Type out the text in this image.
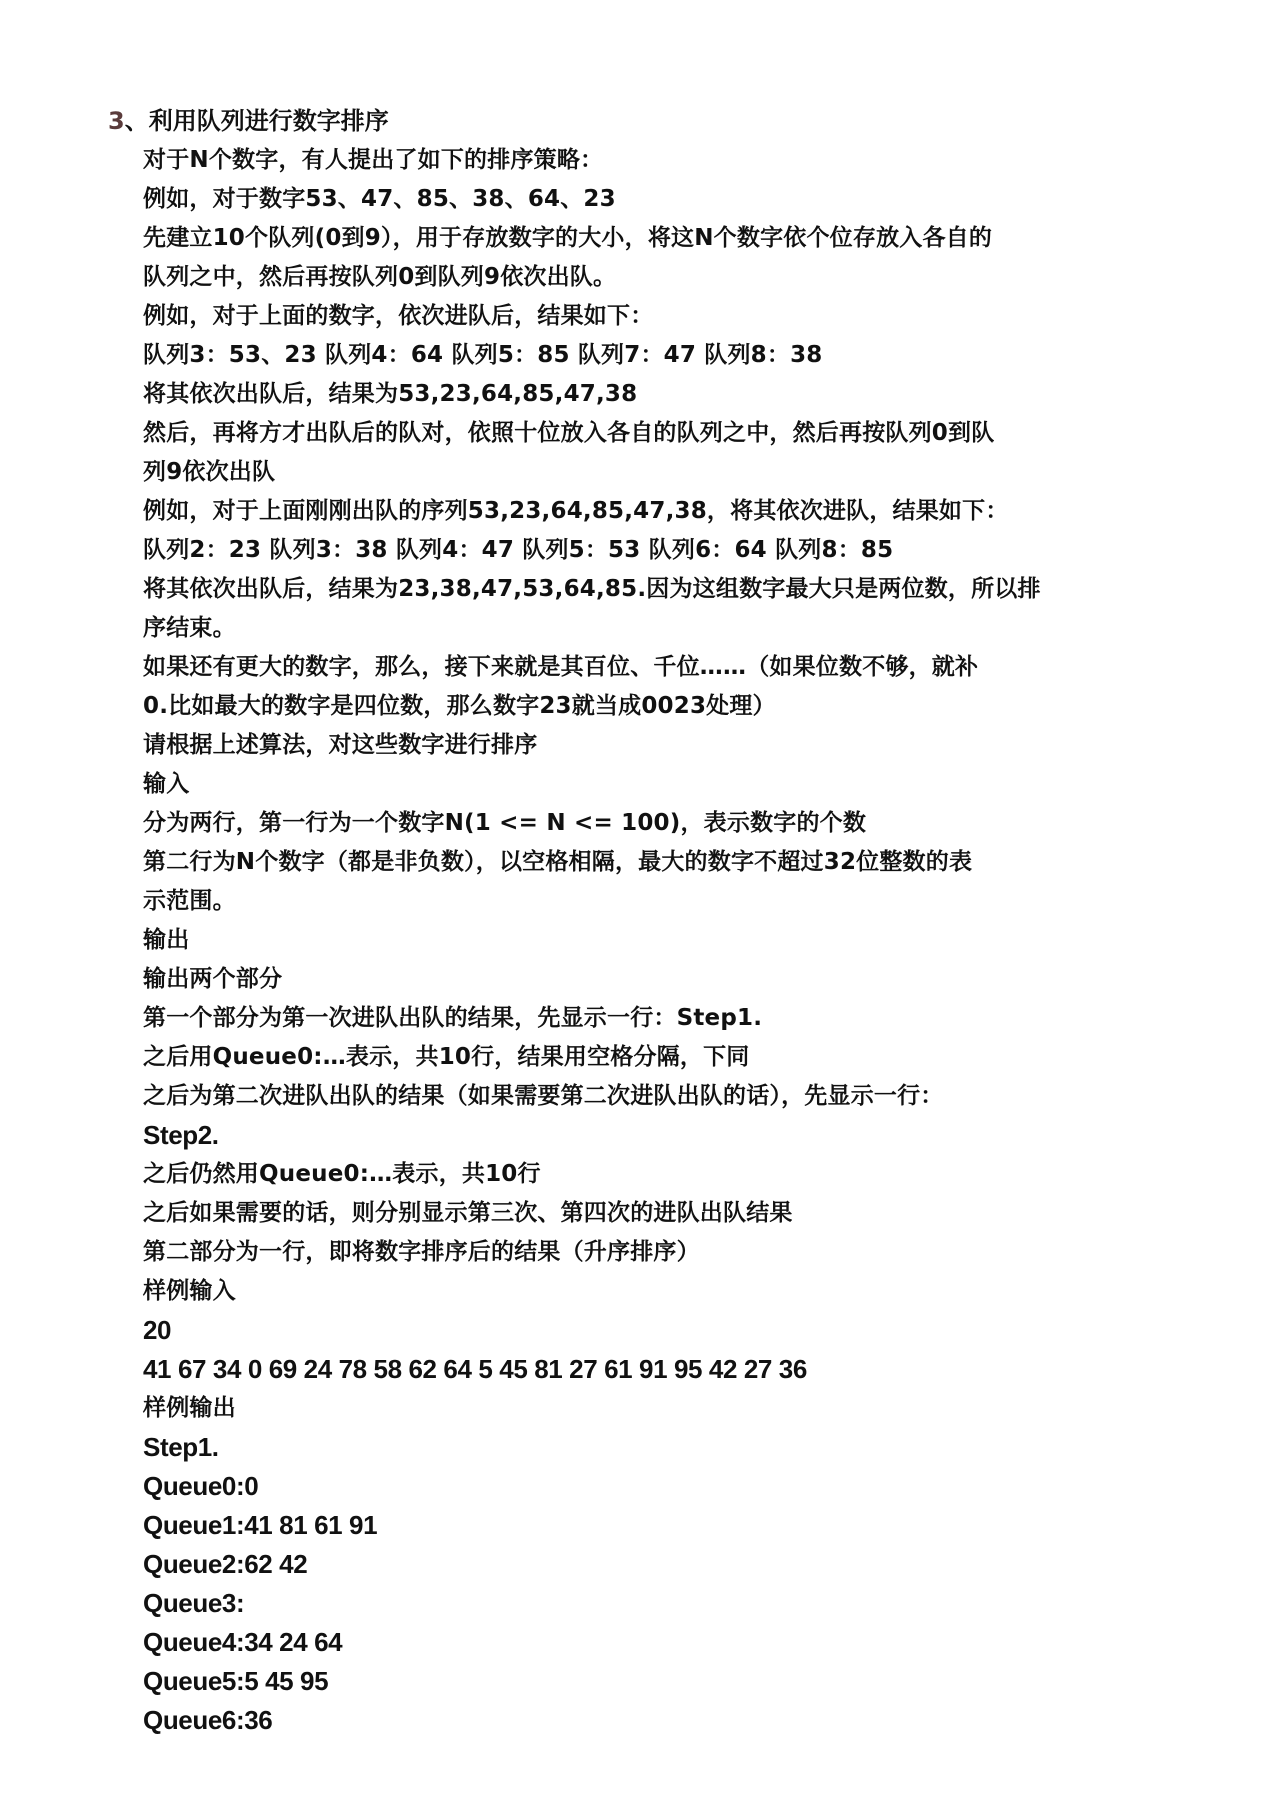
3、利用队列进行数字排序
对于N个数字，有人提出了如下的排序策略：
例如，对于数字53、47、85、38、64、23
先建立10个队列(0到9），用于存放数字的大小，将这N个数字依个位存放入各自的
队列之中，然后再按队列0到队列9依次出队。
例如，对于上面的数字，依次进队后，结果如下：
队列3：53、23 队列4：64 队列5：85 队列7：47 队列8：38
将其依次出队后，结果为53,23,64,85,47,38
然后，再将方才出队后的队对，依照十位放入各自的队列之中，然后再按队列0到队
列9依次出队
例如，对于上面刚刚出队的序列53,23,64,85,47,38，将其依次进队，结果如下：
队列2：23 队列3：38 队列4：47 队列5：53 队列6：64 队列8：85
将其依次出队后，结果为23,38,47,53,64,85.因为这组数字最大只是两位数，所以排
序结束。
如果还有更大的数字，那么，接下来就是其百位、千位……（如果位数不够，就补
0.比如最大的数字是四位数，那么数字23就当成0023处理）
请根据上述算法，对这些数字进行排序
输入
分为两行，第一行为一个数字N(1 <= N <= 100)，表示数字的个数
第二行为N个数字（都是非负数），以空格相隔，最大的数字不超过32位整数的表
示范围。
输出
输出两个部分
第一个部分为第一次进队出队的结果，先显示一行：Step1.
之后用Queue0:…表示，共10行，结果用空格分隔，下同
之后为第二次进队出队的结果（如果需要第二次进队出队的话），先显示一行：
Step2.
之后仍然用Queue0:…表示，共10行
之后如果需要的话，则分别显示第三次、第四次的进队出队结果
第二部分为一行，即将数字排序后的结果（升序排序）
样例输入
20
41 67 34 0 69 24 78 58 62 64 5 45 81 27 61 91 95 42 27 36
样例输出
Step1.
Queue0:0
Queue1:41 81 61 91
Queue2:62 42
Queue3:
Queue4:34 24 64
Queue5:5 45 95
Queue6:36
